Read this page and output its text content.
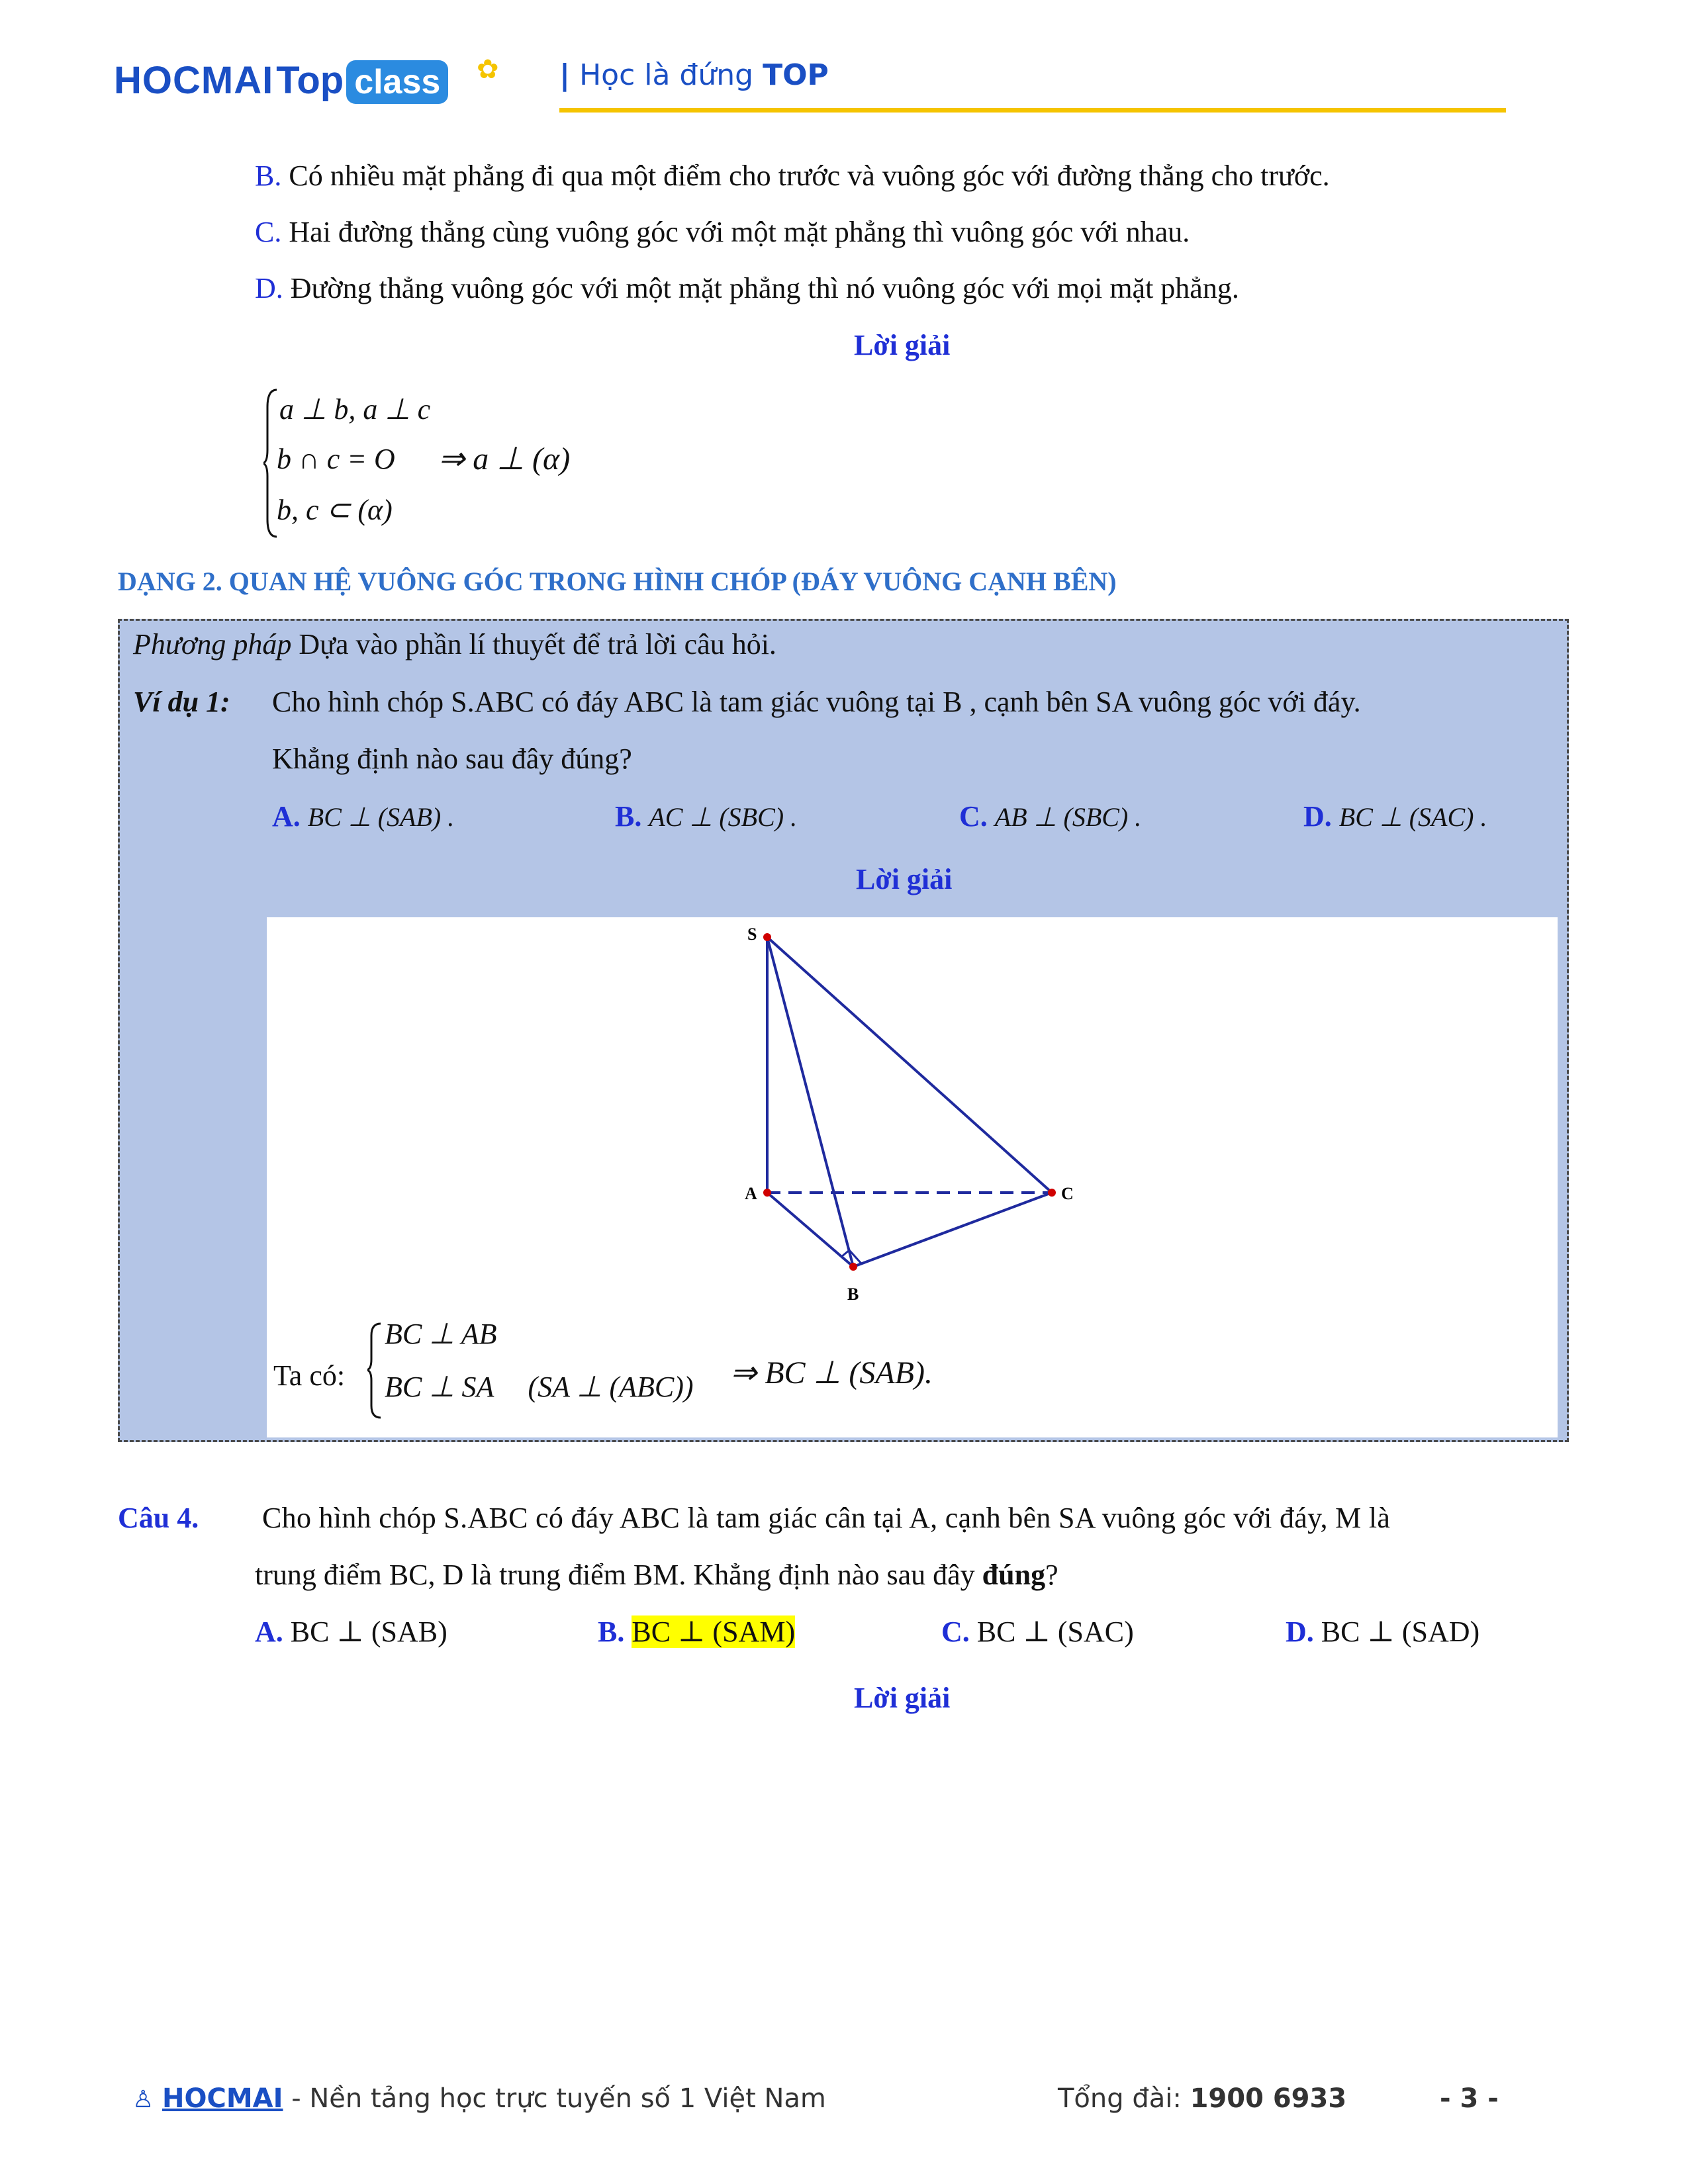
HOCMAI Top class ✿ | Học là đứng TOP
B. Có nhiều mặt phẳng đi qua một điểm cho trước và vuông góc với đường thẳng cho trước.
C. Hai đường thẳng cùng vuông góc với một mặt phẳng thì vuông góc với nhau.
D. Đường thẳng vuông góc với một mặt phẳng thì nó vuông góc với mọi mặt phẳng.
Lời giải
a ⊥ b, a ⊥ c
b ∩ c = O
b, c ⊂ (α)
⇒ a ⊥ (α)
DẠNG 2. QUAN HỆ VUÔNG GÓC TRONG HÌNH CHÓP (ĐÁY VUÔNG CẠNH BÊN)
Phương pháp Dựa vào phần lí thuyết để trả lời câu hỏi.
Ví dụ 1: Cho hình chóp S.ABC có đáy ABC là tam giác vuông tại B , cạnh bên SA vuông góc với đáy.
Khẳng định nào sau đây đúng?
A. BC ⊥ (SAB) .	B. AC ⊥ (SBC) .	C. AB ⊥ (SBC) .	D. BC ⊥ (SAC) .
Lời giải
S
A
B
C
Ta có:
BC ⊥ AB
BC ⊥ SA (SA ⊥ (ABC)) ⇒ BC ⊥ (SAB).
Câu 4. Cho hình chóp S.ABC có đáy ABC là tam giác cân tại A, cạnh bên SA vuông góc với đáy, M là
trung điểm BC, D là trung điểm BM. Khẳng định nào sau đây đúng?
A. BC ⊥ (SAB)	B. BC ⊥ (SAM)	C. BC ⊥ (SAC)	D. BC ⊥ (SAD)
Lời giải
♙ HOCMAI - Nền tảng học trực tuyến số 1 Việt Nam	Tổng đài: 1900 6933	- 3 -
